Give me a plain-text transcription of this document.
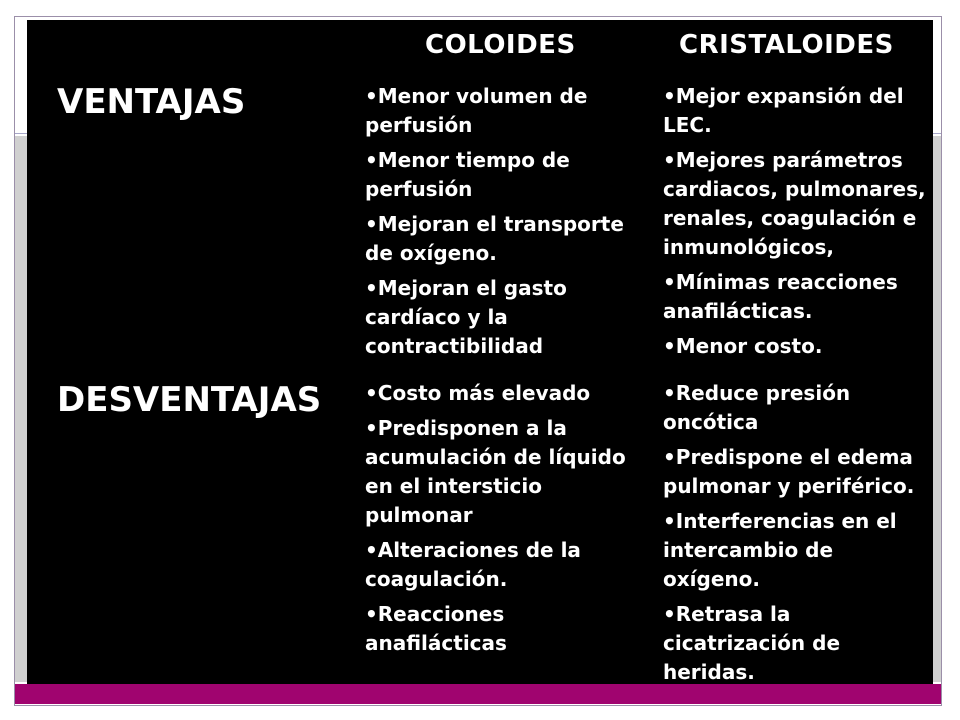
COLOIDES	CRISTALOIDES
VENTAJAS
DESVENTAJAS
•Menor volumen de
perfusión
•Menor tiempo de
perfusión
•Mejoran el transporte
de oxígeno.
•Mejoran el gasto
cardíaco y la
contractibilidad
•Mejor expansión del
LEC.
•Mejores parámetros
cardiacos, pulmonares,
renales, coagulación e
inmunológicos,
•Mínimas reacciones
anafilácticas.
•Menor costo.
•Costo más elevado
•Predisponen a la
acumulación de líquido
en el intersticio
pulmonar
•Alteraciones de la
coagulación.
•Reacciones
anafilácticas
•Reduce presión
oncótica
•Predispone el edema
pulmonar y periférico.
•Interferencias en el
intercambio de
oxígeno.
•Retrasa la
cicatrización de
heridas.
